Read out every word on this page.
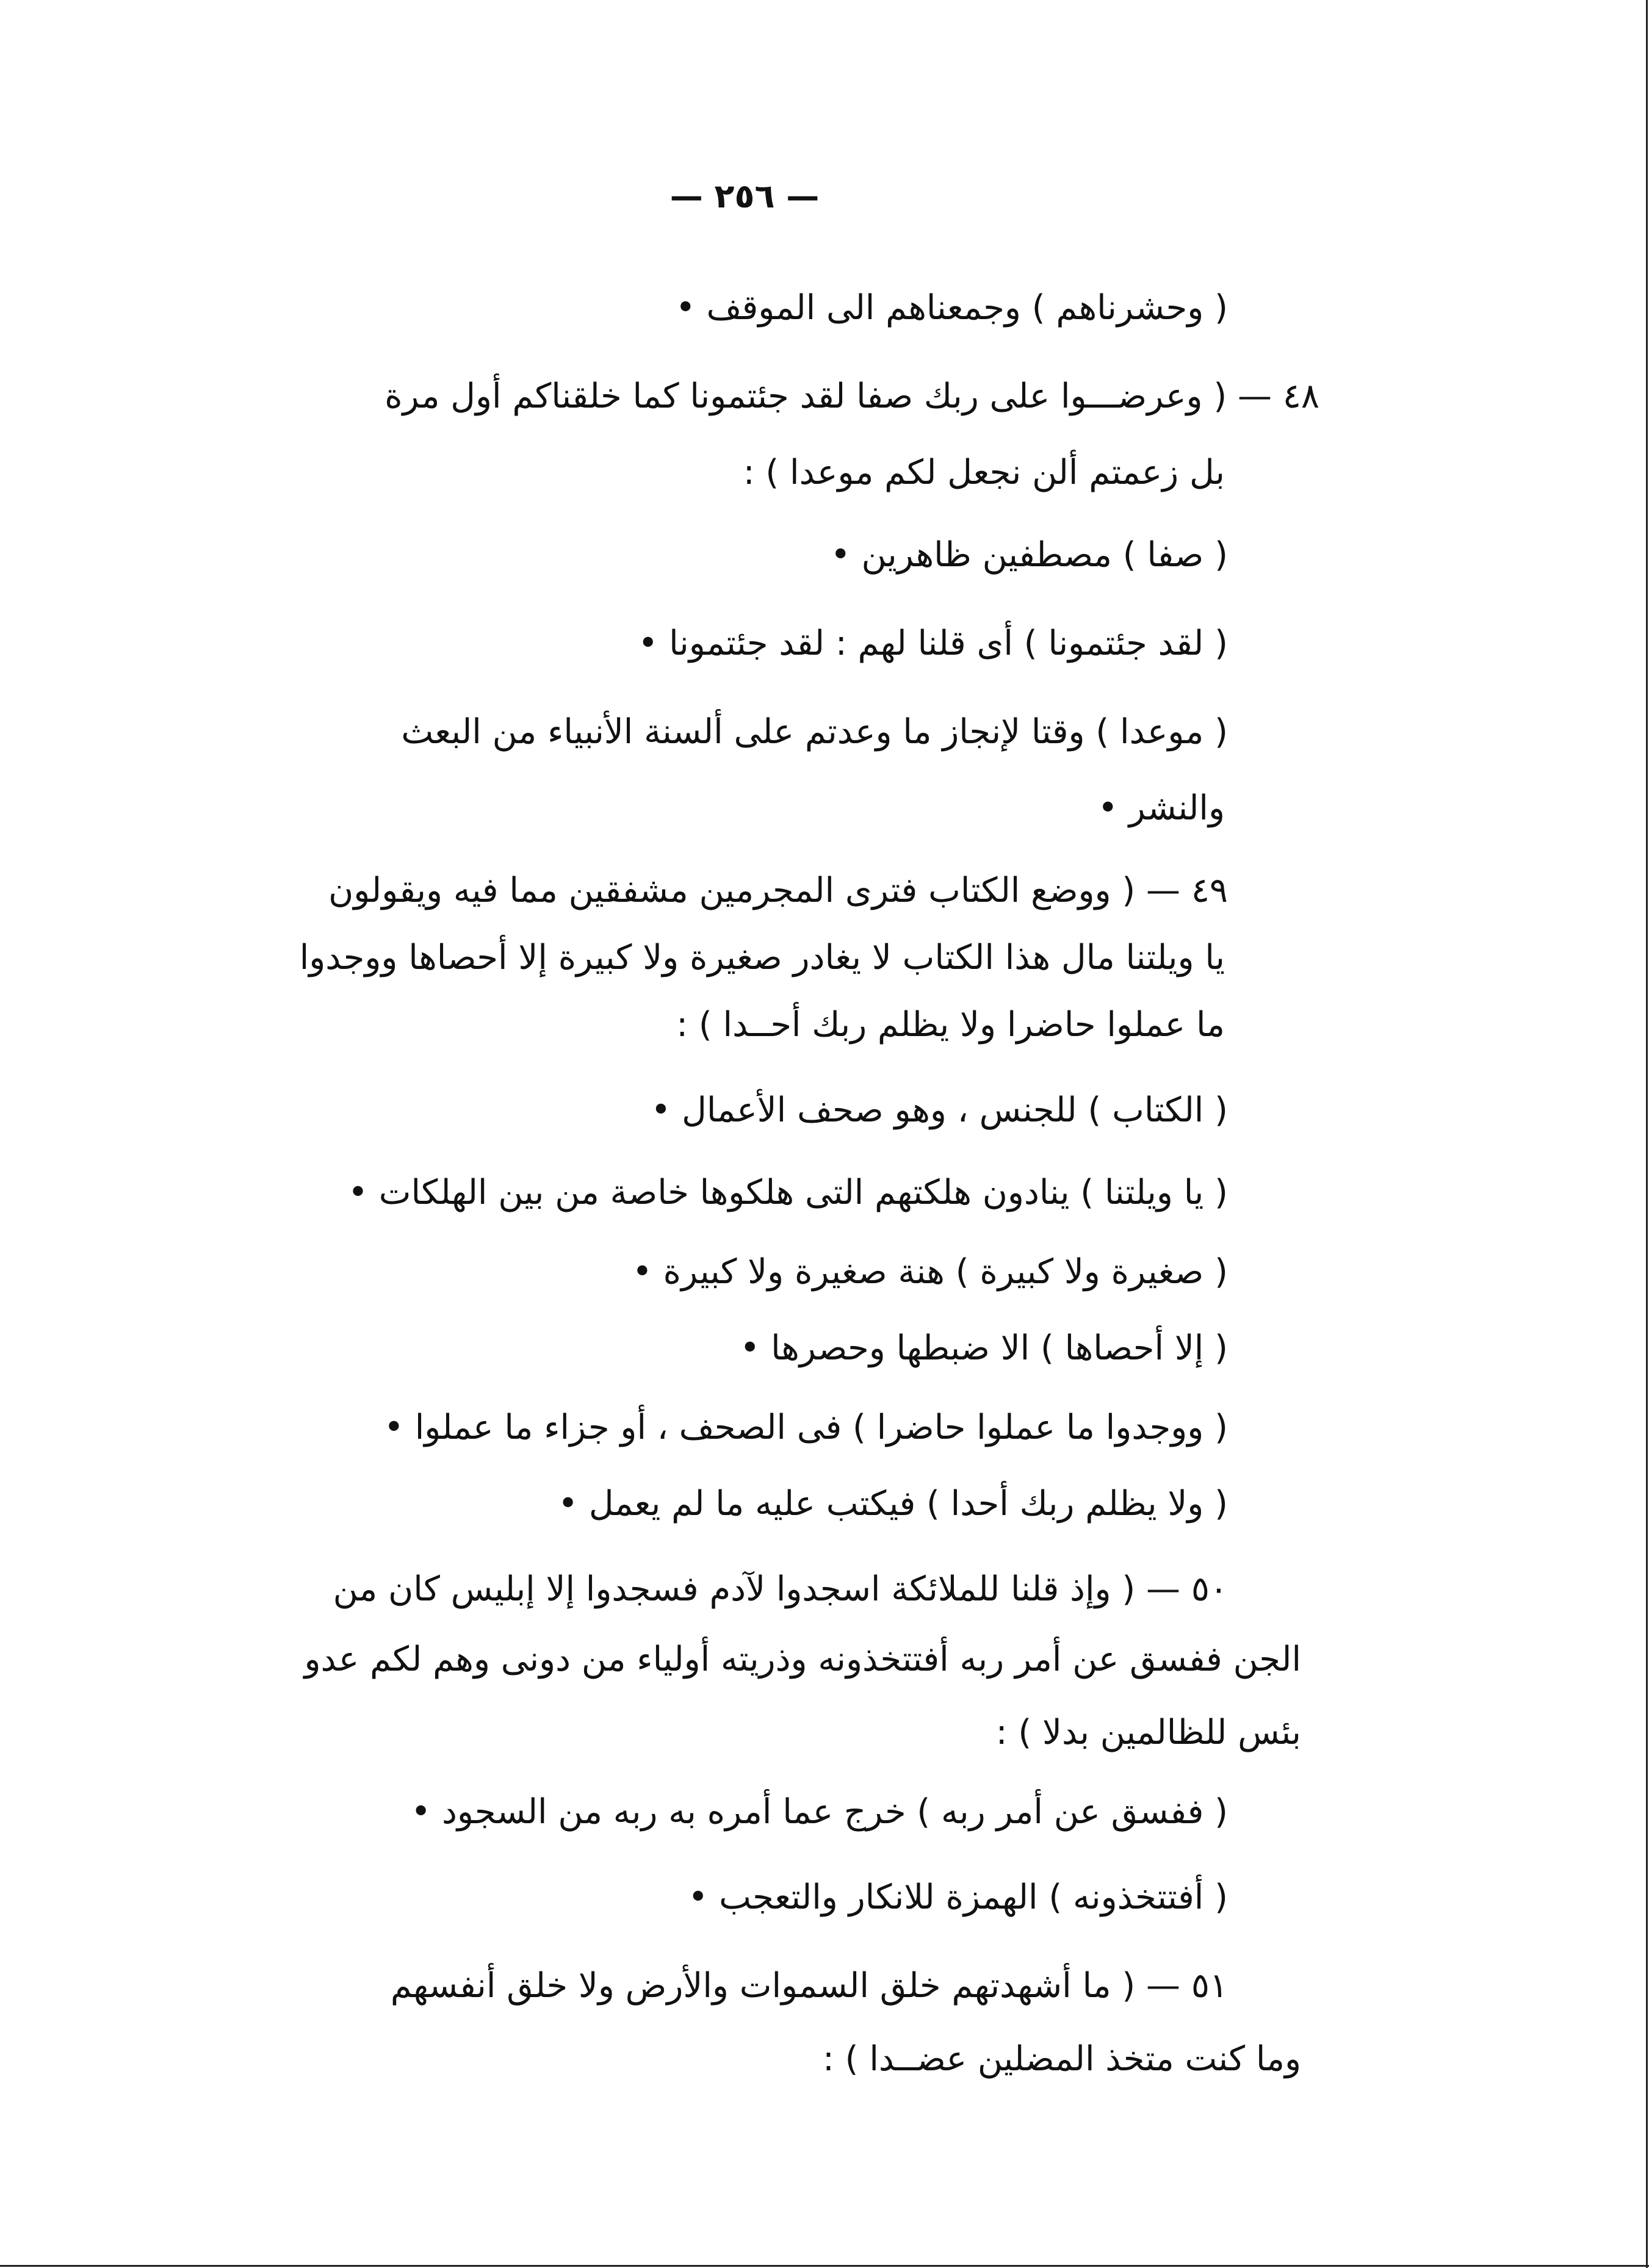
— ٢٥٦ —
( وحشرناهم ) وجمعناهم الى الموقف •
٤٨ — ( وعرضـــوا على ربك صفا لقد جئتمونا كما خلقناكم أول مرة
بل زعمتم ألن نجعل لكم موعدا ) :
( صفا ) مصطفين ظاهرين •
( لقد جئتمونا ) أى قلنا لهم : لقد جئتمونا •
( موعدا ) وقتا لإنجاز ما وعدتم على ألسنة الأنبياء من البعث
والنشر •
٤٩ — ( ووضع الكتاب فترى المجرمين مشفقين مما فيه ويقولون
يا ويلتنا مال هذا الكتاب لا يغادر صغيرة ولا كبيرة إلا أحصاها ووجدوا
ما عملوا حاضرا ولا يظلم ربك أحــدا ) :
( الكتاب ) للجنس ، وهو صحف الأعمال •
( يا ويلتنا ) ينادون هلكتهم التى هلكوها خاصة من بين الهلكات •
( صغيرة ولا كبيرة ) هنة صغيرة ولا كبيرة •
( إلا أحصاها ) الا ضبطها وحصرها •
( ووجدوا ما عملوا حاضرا ) فى الصحف ، أو جزاء ما عملوا •
( ولا يظلم ربك أحدا ) فيكتب عليه ما لم يعمل •
٥٠ — ( وإذ قلنا للملائكة اسجدوا لآدم فسجدوا إلا إبليس كان من
الجن ففسق عن أمر ربه أفتتخذونه وذريته أولياء من دونى وهم لكم عدو
بئس للظالمين بدلا ) :
( ففسق عن أمر ربه ) خرج عما أمره به ربه من السجود •
( أفتتخذونه ) الهمزة للانكار والتعجب •
٥١ — ( ما أشهدتهم خلق السموات والأرض ولا خلق أنفسهم
وما كنت متخذ المضلين عضــدا ) :
